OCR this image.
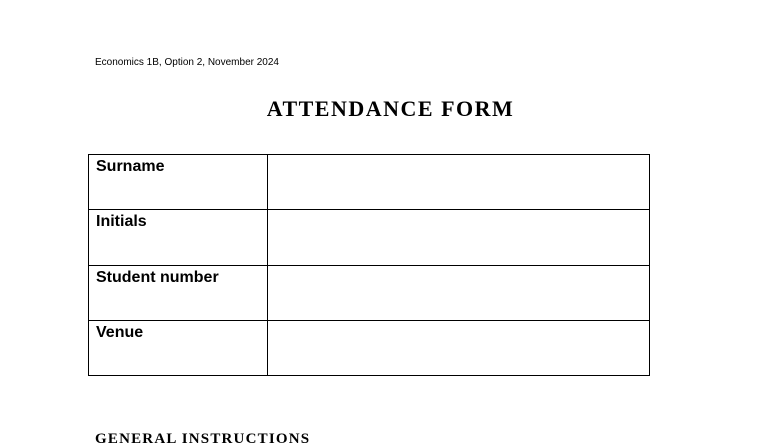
Economics 1B, Option 2, November 2024
ATTENDANCE FORM
Surname	

Initials	

Student number	

Venue	

GENERAL INSTRUCTIONS
